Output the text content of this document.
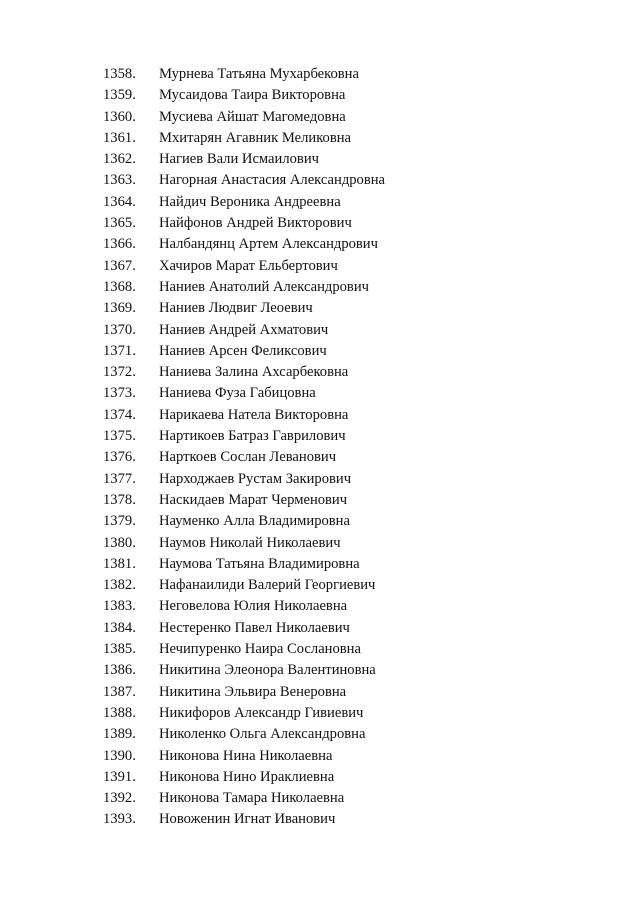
1358.	Мурнева Татьяна Мухарбековна
1359.	Мусаидова Таира Викторовна
1360.	Мусиева Айшат Магомедовна
1361.	Мхитарян Агавник Меликовна
1362.	Нагиев Вали Исмаилович
1363.	Нагорная Анастасия Александровна
1364.	Найдич Вероника Андреевна
1365.	Найфонов Андрей Викторович
1366.	Налбандянц Артем Александрович
1367.	Хачиров Марат Ельбертович
1368.	Наниев Анатолий Александрович
1369.	Наниев Людвиг Леоевич
1370.	Наниев Андрей Ахматович
1371.	Наниев Арсен Феликсович
1372.	Наниева Залина Ахсарбековна
1373.	Наниева Фуза Габицовна
1374.	Нарикаева Натела Викторовна
1375.	Нартикоев Батраз Гаврилович
1376.	Нарткоев Сослан Леванович
1377.	Нарходжаев Рустам Закирович
1378.	Наскидаев Марат Черменович
1379.	Науменко Алла Владимировна
1380.	Наумов Николай Николаевич
1381.	Наумова Татьяна Владимировна
1382.	Нафанаилиди Валерий Георгиевич
1383.	Неговелова Юлия Николаевна
1384.	Нестеренко Павел Николаевич
1385.	Нечипуренко Наира Сослановна
1386.	Никитина Элеонора Валентиновна
1387.	Никитина Эльвира Венеровна
1388.	Никифоров Александр Гивиевич
1389.	Николенко Ольга Александровна
1390.	Никонова Нина Николаевна
1391.	Никонова Нино Ираклиевна
1392.	Никонова Тамара Николаевна
1393.	Новоженин Игнат Иванович
